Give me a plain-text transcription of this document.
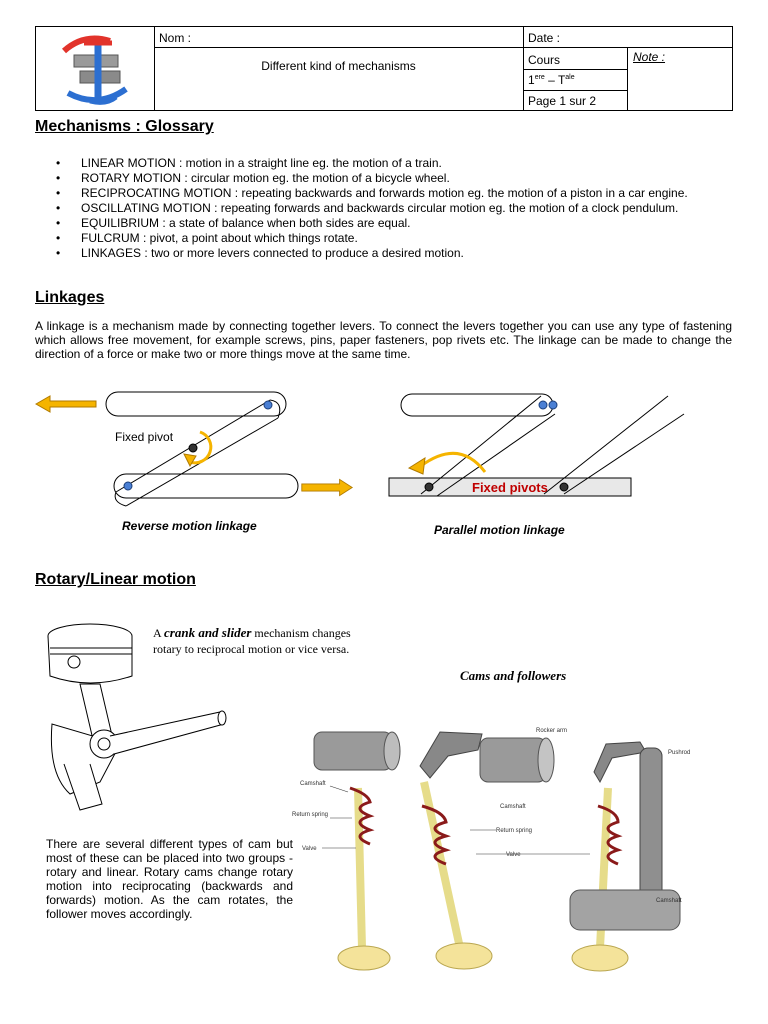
Nom :	Date :
Different kind of mechanisms	Cours	Note :
$1ere - T^{ale}$
Page 1 sur 2
Mechanisms : Glossary
• LINEAR MOTION : motion in a straight line eg. the motion of a train.
• ROTARY MOTION : circular motion eg. the motion of a bicycle wheel.
• RECIPROCATING MOTION : repeating backwards and forwards motion eg. the motion of a piston in a car engine.
• OSCILLATING MOTION : repeating forwards and backwards circular motion eg. the motion of a clock pendulum.
• EQUILIBRIUM : a state of balance when both sides are equal.
• FULCRUM : pivot, a point about which things rotate.
• LINKAGES : two or more levers connected to produce a desired motion.
Linkages

A linkage is a mechanism made by connecting together levers. To connect the levers together you can use any type of fastening which allows free movement, for example screws, pins, paper fasteners, pop rivets etc. The linkage can be made to change the direction of a force or make two or more things move at the same time.

Fixed pivot
Reverse motion linkage
Fixed pivots
Parallel motion linkage
Rotary/Linear motion
A crank and slider mechanism changes
rotary to reciprocal motion or vice versa.
Cams and followers
Camshaft
Return spring
Valve
Rocker arm
Camshaft
Return spring
Valve
Pushrod
Camshaft

There are several different types of cam but most of these can be placed into two groups - rotary and linear. Rotary cams change rotary motion into reciprocating (backwards and forwards) motion. As the cam rotates, the follower moves accordingly.
